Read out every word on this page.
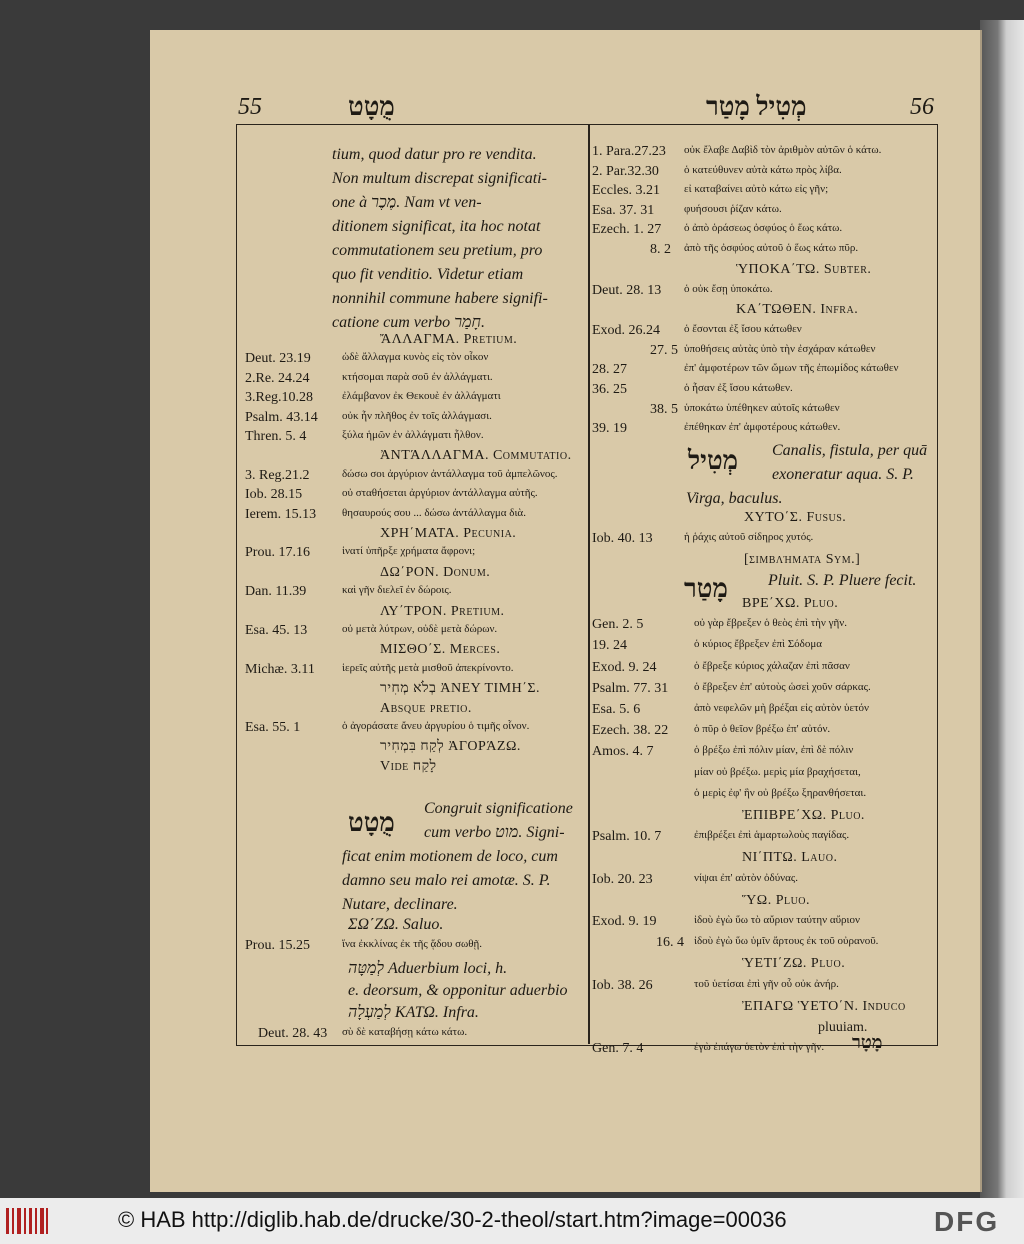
55	מֻטָט	מְטִיל מָטַר	56
tium, quod datur pro re vendita.
Non multum discrepat significati-
one à מֶכֶר. Nam vt ven-
ditionem significat, ita hoc notat
commutationem seu pretium, pro
quo fit venditio. Videtur etiam
nonnihil commune habere signifi-
catione cum verbo חָמַר.
ἌΛΛΑΓΜΑ. Pretium.
Deut. 23.19	ὡδὲ ἄλλαγμα κυνὸς εἰς τὸν οἶκον
2.Re. 24.24	κτήσομαι παρὰ σοῦ ἐν ἀλλάγματι.
3.Reg.10.28	ἐλάμβανον ἐκ Θεκουὲ ἐν ἀλλάγματι
Psalm. 43.14 οὐκ ἦν πλῆθος ἐν τοῖς ἀλλάγμασι.
Thren. 5. 4	ξύλα ἡμῶν ἐν ἀλλάγματι ἦλθον.
ἈΝΤΆΛΛΑΓΜΑ. Commutatio.
3. Reg.21.2	δώσω σοι ἀργύριον ἀντάλλαγμα τοῦ ἀμπελῶνος.
Iob. 28.15	οὐ σταθήσεται ἀργύριον ἀντάλλαγμα αὐτῆς.
Ierem. 15.13 θησαυρούς σου ... δώσω ἀντάλλαγμα διὰ.
ΧΡΗ΄ΜΑΤΑ. Pecunia.
Prou. 17.16	ἱνατί ὑπῆρξε χρήματα ἄφρονι;
ΔΩ΄ΡΟΝ. Donum.
Dan. 11.39	καὶ γῆν διελεῖ ἐν δώροις.
ΛΥ΄ΤΡΟΝ. Pretium.
Esa. 45. 13	οὐ μετὰ λύτρων, οὐδὲ μετὰ δώρων.
ΜΙΣΘΟ΄Σ. Merces.
Michæ. 3.11 ἱερεῖς αὐτῆς μετὰ μισθοῦ ἀπεκρίνοντο.
בְלֹא מְחִיר ἈΝΕΥ ΤΙΜΗ΄Σ.
Absque pretio.
Esa. 55. 1	ὁ ἀγοράσατε ἄνευ ἀργυρίου ὁ τιμῆς οἶνον.
לְקַח בִּמְחִיר ἈΓΟΡΆΖΩ.
Vide לָקַח
מֻטָט Congruit significatione
cum verbo מוט. Signi-
ficat enim motionem de loco, cum
damno seu malo rei amotæ. S. P.
Nutare, declinare.
ΣΩ΄ΖΩ. Saluo.
Prou. 15.25	ἵνα ἐκκλίνας ἐκ τῆς ᾅδου σωθῇ.
לְמַטָּה Aduerbium loci, h.
e. deorsum, & opponitur aduerbio
לְמַעְלָה ΚΑΤΩ. Infra.
Deut. 28. 43 σὺ δὲ καταβήσῃ κάτω κάτω.
1. Para.27.23 οὐκ ἔλαβε Δαβὶδ τὸν ἀριθμὸν αὐτῶν ὁ κάτω.
2. Par.32.30 ὁ κατεύθυνεν αὐτὰ κάτω πρὸς λίβα.
Eccles. 3.21 εἰ καταβαίνει αὐτὸ κάτω εἰς γῆν;
Esa. 37. 31	φυήσουσι ῥίζαν κάτω.
Ezech. 1. 27 ὁ ἀπὸ ὁράσεως ὀσφύος ὁ ἕως κάτω.
8. 2 ἀπὸ τῆς ὀσφύος αὐτοῦ ὁ ἕως κάτω πῦρ.
ὙΠΟΚΑ΄ΤΩ. Subter.
Deut. 28. 13 ὁ οὐκ ἔσῃ ὑποκάτω.
ΚΑ΄ΤΩΘΕΝ. Infra.
Exod. 26.24 ὁ ἔσονται ἐξ ἴσου κάτωθεν
27. 5 ὑποθήσεις αὐτὰς ὑπὸ τὴν ἐσχάραν κάτωθεν
28. 27	ἐπ' ἀμφοτέρων τῶν ὤμων τῆς ἐπωμίδος κάτωθεν
36. 25	ὁ ἦσαν ἐξ ἴσου κάτωθεν.
38. 5 ὑποκάτω ὑπέθηκεν αὐτοῖς κάτωθεν
39. 19	ἐπέθηκαν ἐπ' ἀμφοτέρους κάτωθεν.
מְטִיל Canalis, fistula, per quā
exoneratur aqua. S. P.
Virga, baculus.
ΧΥΤΟ΄Σ. Fusus.
Iob. 40. 13	ἡ ῥάχις αὐτοῦ σίδηρος χυτός.
[σιμβλήματα Sym.]
מָטַר	Pluit. S. P. Pluere fecit.
ΒΡΕ΄ΧΩ. Pluo.
Gen. 2. 5	οὐ γὰρ ἔβρεξεν ὁ θεὸς ἐπὶ τὴν γῆν.
19. 24	ὁ κύριος ἔβρεξεν ἐπὶ Σόδομα
Exod. 9. 24	ὁ ἔβρεξε κύριος χάλαζαν ἐπὶ πᾶσαν
Psalm. 77. 31 ὁ ἔβρεξεν ἐπ' αὐτοὺς ὡσεὶ χοῦν σάρκας.
Esa. 5. 6	ἀπὸ νεφελῶν μὴ βρέξαι εἰς αὐτὸν ὑετόν
Ezech. 38. 22 ὁ πῦρ ὁ θεῖον βρέξω ἐπ' αὐτόν.
Amos. 4. 7	ὁ βρέξω ἐπὶ πόλιν μίαν, ἐπὶ δὲ πόλιν
μίαν οὐ βρέξω. μερὶς μία βραχήσεται,
ὁ μερὶς ἐφ' ἣν οὐ βρέξω ξηρανθήσεται.
ἘΠΙΒΡΕ΄ΧΩ. Pluo.
Psalm. 10. 7	ἐπιβρέξει ἐπὶ ἁμαρτωλοὺς παγίδας.
ΝΙ΄ΠΤΩ. Lauo.
Iob. 20. 23	νίψαι ἐπ' αὐτὸν ὀδύνας.
ὝΩ. Pluo.
Exod. 9. 19	ἰδοὺ ἐγὼ ὕω τὸ αὔριον ταύτην αὔριον
16. 4 ἰδοὺ ἐγὼ ὕω ὑμῖν ἄρτους ἐκ τοῦ οὐρανοῦ.
ὙΕΤΙ΄ΖΩ. Pluo.
Iob. 38. 26	τοῦ ὑετίσαι ἐπὶ γῆν οὗ οὐκ ἀνήρ.
ἘΠΑΓΩ ὙΕΤΟ΄Ν. Induco
pluuiam.
Gen. 7. 4	ἐγὼ ἐπάγω ὑετὸν ἐπὶ τὴν γῆν. מָטָר
© HAB http://diglib.hab.de/drucke/30-2-theol/start.htm?image=00036	DFG
